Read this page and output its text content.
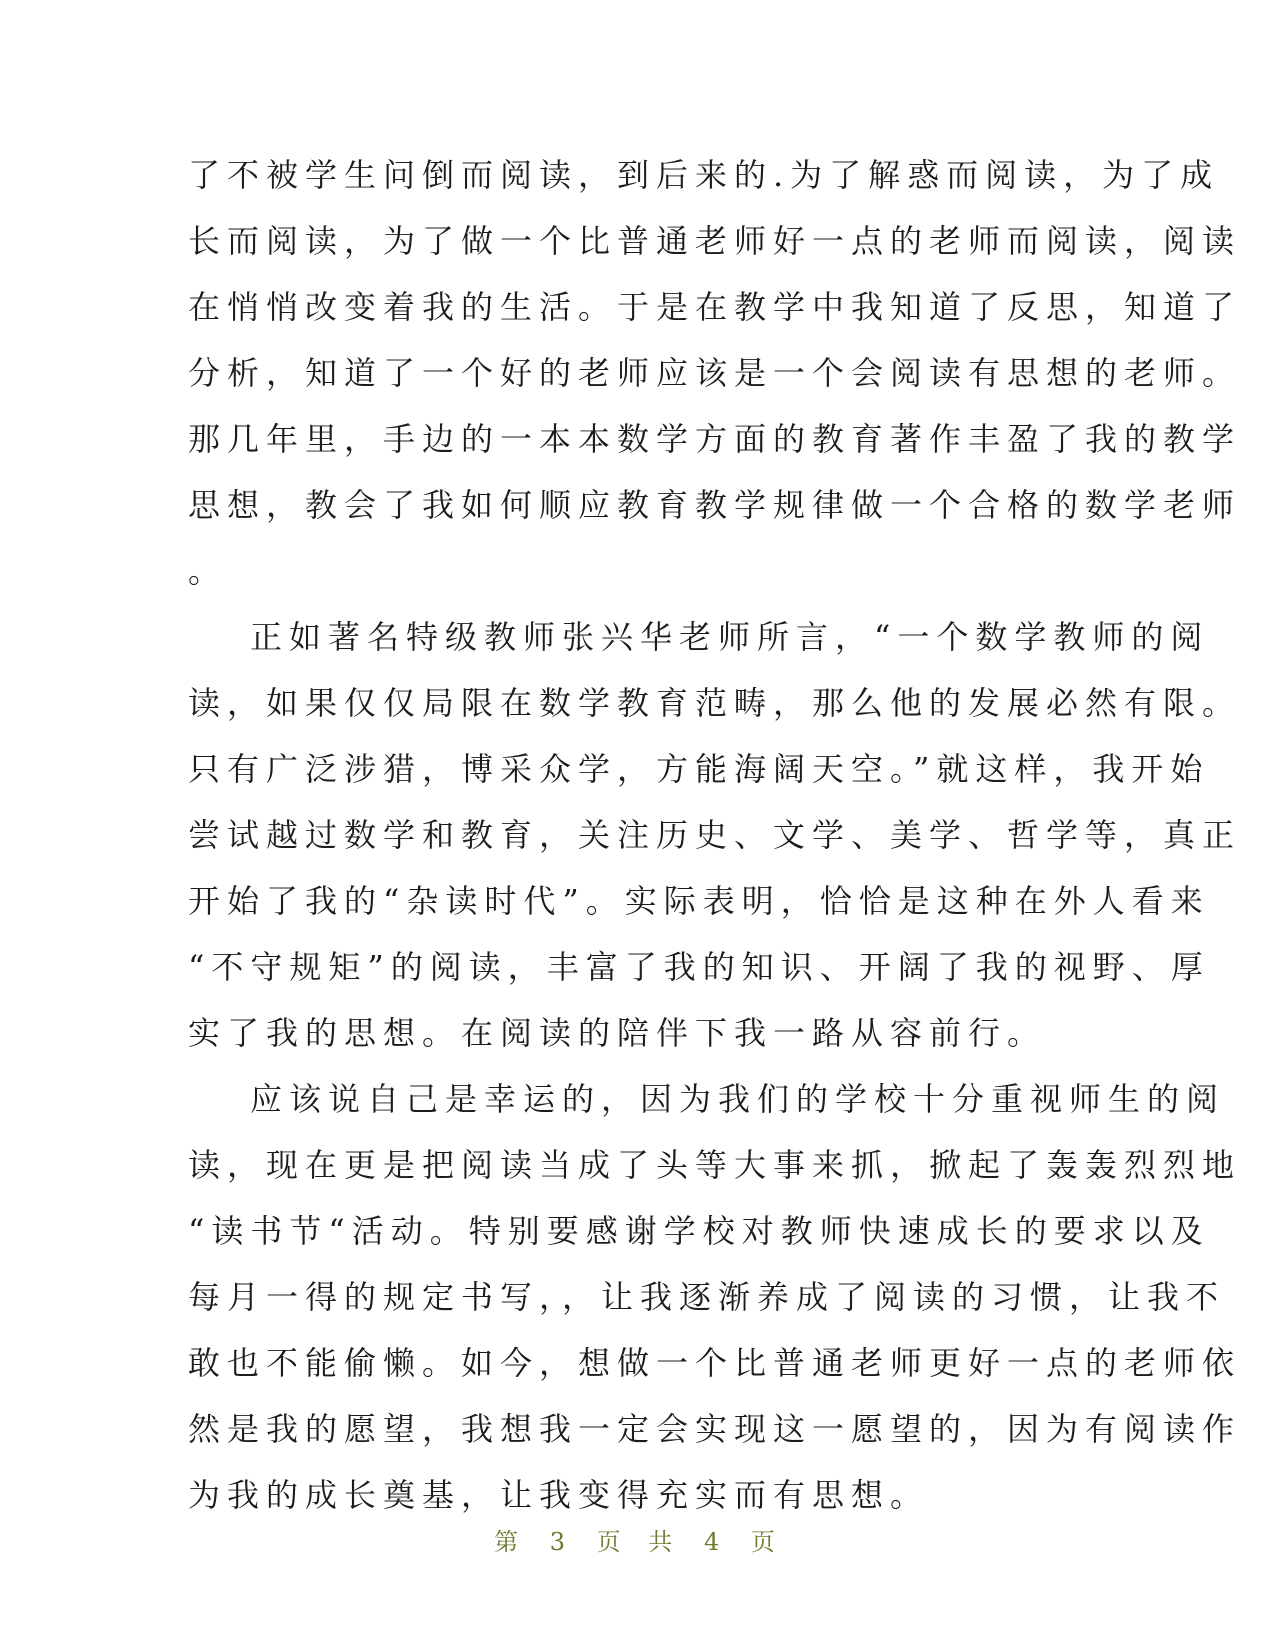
了不被学生问倒而阅读，到后来的.为了解惑而阅读，为了成
长而阅读，为了做一个比普通老师好一点的老师而阅读，阅读
在悄悄改变着我的生活。于是在教学中我知道了反思，知道了
分析，知道了一个好的老师应该是一个会阅读有思想的老师。
那几年里，手边的一本本数学方面的教育著作丰盈了我的教学
思想，教会了我如何顺应教育教学规律做一个合格的数学老师
。
正如著名特级教师张兴华老师所言，“一个数学教师的阅
读，如果仅仅局限在数学教育范畴，那么他的发展必然有限。
只有广泛涉猎，博采众学，方能海阔天空。”就这样，我开始
尝试越过数学和教育，关注历史、文学、美学、哲学等，真正
开始了我的“杂读时代”。实际表明，恰恰是这种在外人看来
“不守规矩”的阅读，丰富了我的知识、开阔了我的视野、厚
实了我的思想。在阅读的陪伴下我一路从容前行。
应该说自己是幸运的，因为我们的学校十分重视师生的阅
读，现在更是把阅读当成了头等大事来抓，掀起了轰轰烈烈地
“读书节“活动。特别要感谢学校对教师快速成长的要求以及
每月一得的规定书写，，让我逐渐养成了阅读的习惯，让我不
敢也不能偷懒。如今，想做一个比普通老师更好一点的老师依
然是我的愿望，我想我一定会实现这一愿望的，因为有阅读作
为我的成长奠基，让我变得充实而有思想。
第 3 页 共 4 页
